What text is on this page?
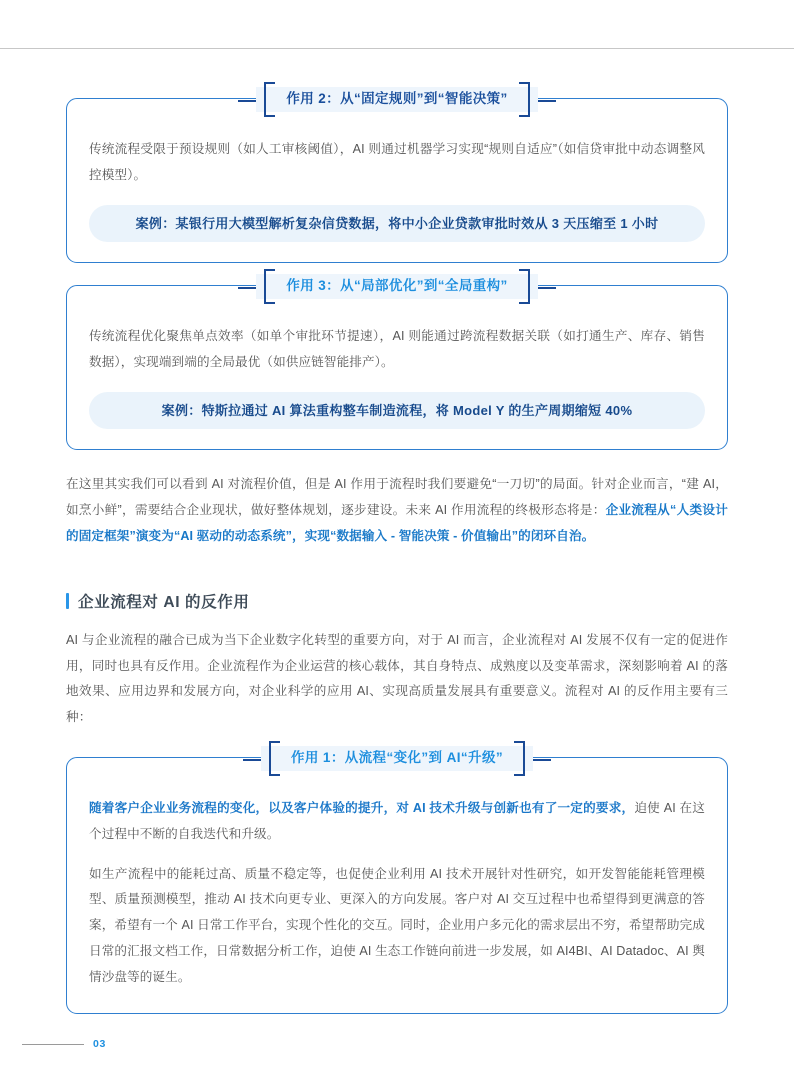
作用 2：从“固定规则”到“智能决策”

传统流程受限于预设规则（如人工审核阈值），AI 则通过机器学习实现“规则自适应”（如信贷审批中动态调整风控模型）。

案例：某银行用大模型解析复杂信贷数据，将中小企业贷款审批时效从 3 天压缩至 1 小时
作用 3：从“局部优化”到“全局重构”

传统流程优化聚焦单点效率（如单个审批环节提速），AI 则能通过跨流程数据关联（如打通生产、库存、销售数据），实现端到端的全局最优（如供应链智能排产）。

案例：特斯拉通过 AI 算法重构整车制造流程，将 Model Y 的生产周期缩短 40%

在这里其实我们可以看到 AI 对流程价值，但是 AI 作用于流程时我们要避免“一刀切”的局面。针对企业而言，“建 AI，如烹小鲜”，需要结合企业现状，做好整体规划，逐步建设。未来 AI 作用流程的终极形态将是：企业流程从“人类设计的固定框架”演变为“AI 驱动的动态系统”，实现“数据输入 - 智能决策 - 价值输出”的闭环自治。

企业流程对 AI 的反作用

AI 与企业流程的融合已成为当下企业数字化转型的重要方向，对于 AI 而言，企业流程对 AI 发展不仅有一定的促进作用，同时也具有反作用。企业流程作为企业运营的核心载体，其自身特点、成熟度以及变革需求，深刻影响着 AI 的落地效果、应用边界和发展方向，对企业科学的应用 AI、实现高质量发展具有重要意义。流程对 AI 的反作用主要有三种：

作用 1：从流程“变化”到 AI“升级”

随着客户企业业务流程的变化，以及客户体验的提升，对 AI 技术升级与创新也有了一定的要求，迫使 AI 在这个过程中不断的自我迭代和升级。

如生产流程中的能耗过高、质量不稳定等，也促使企业利用 AI 技术开展针对性研究，如开发智能能耗管理模型、质量预测模型，推动 AI 技术向更专业、更深入的方向发展。客户对 AI 交互过程中也希望得到更满意的答案，希望有一个 AI 日常工作平台，实现个性化的交互。同时，企业用户多元化的需求层出不穷，希望帮助完成日常的汇报文档工作，日常数据分析工作，迫使 AI 生态工作链向前进一步发展，如 AI4BI、AI Datadoc、AI 舆情沙盘等的诞生。

03
